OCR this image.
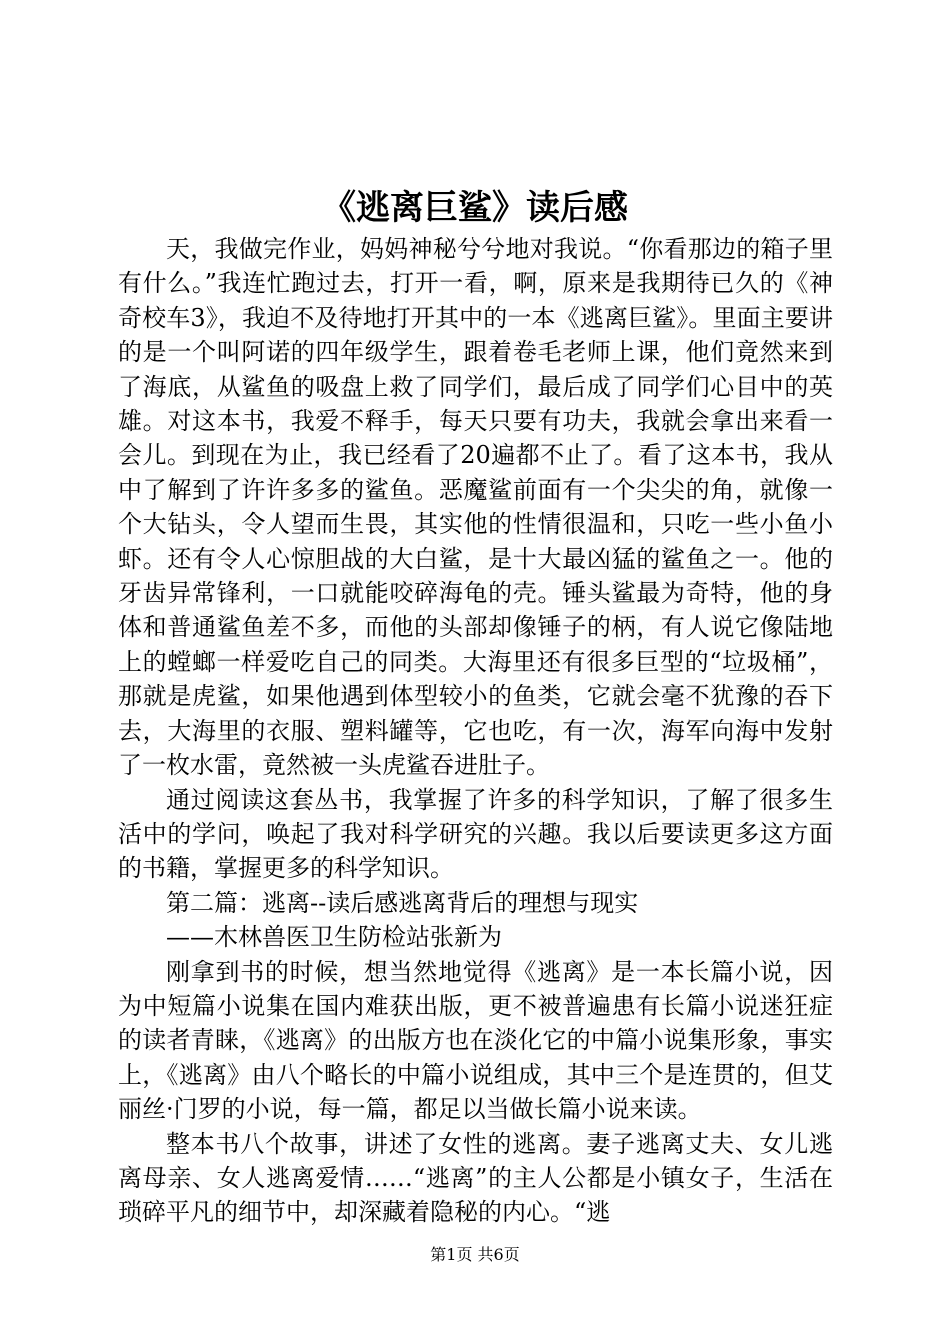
《逃离巨鲨》读后感

天，我做完作业，妈妈神秘兮兮地对我说。“你看那边的箱子里有什么。”我连忙跑过去，打开一看，啊，原来是我期待已久的《神奇校车3》，我迫不及待地打开其中的一本《逃离巨鲨》。里面主要讲的是一个叫阿诺的四年级学生，跟着卷毛老师上课，他们竟然来到了海底，从鲨鱼的吸盘上救了同学们，最后成了同学们心目中的英雄。对这本书，我爱不释手，每天只要有功夫，我就会拿出来看一会儿。到现在为止，我已经看了20遍都不止了。看了这本书，我从中了解到了许许多多的鲨鱼。恶魔鲨前面有一个尖尖的角，就像一个大钻头，令人望而生畏，其实他的性情很温和，只吃一些小鱼小虾。还有令人心惊胆战的大白鲨，是十大最凶猛的鲨鱼之一。他的牙齿异常锋利，一口就能咬碎海龟的壳。锤头鲨最为奇特，他的身体和普通鲨鱼差不多，而他的头部却像锤子的柄，有人说它像陆地上的螳螂一样爱吃自己的同类。大海里还有很多巨型的“垃圾桶”，那就是虎鲨，如果他遇到体型较小的鱼类，它就会毫不犹豫的吞下去，大海里的衣服、塑料罐等，它也吃，有一次，海军向海中发射了一枚水雷，竟然被一头虎鲨吞进肚子。

通过阅读这套丛书，我掌握了许多的科学知识，了解了很多生活中的学问，唤起了我对科学研究的兴趣。我以后要读更多这方面的书籍，掌握更多的科学知识。

第二篇：逃离--读后感逃离背后的理想与现实

——木林兽医卫生防检站张新为

刚拿到书的时候，想当然地觉得《逃离》是一本长篇小说，因为中短篇小说集在国内难获出版，更不被普遍患有长篇小说迷狂症的读者青睐，《逃离》的出版方也在淡化它的中篇小说集形象，事实上，《逃离》由八个略长的中篇小说组成，其中三个是连贯的，但艾丽丝·门罗的小说，每一篇，都足以当做长篇小说来读。

整本书八个故事，讲述了女性的逃离。妻子逃离丈夫、女儿逃离母亲、女人逃离爱情……“逃离”的主人公都是小镇女子，生活在琐碎平凡的细节中，却深藏着隐秘的内心。“逃

第1页 共6页
